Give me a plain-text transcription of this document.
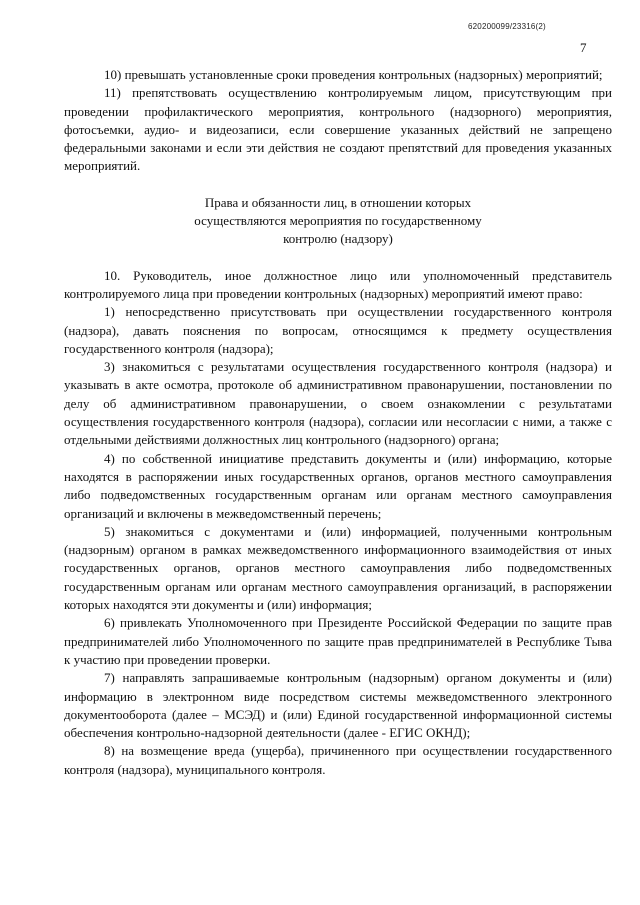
620200099/23316(2)
7

10) превышать установленные сроки проведения контрольных (надзорных) мероприятий;

11) препятствовать осуществлению контролируемым лицом, присутствующим при проведении профилактического мероприятия, контрольного (надзорного) мероприятия, фотосъемки, аудио- и видеозаписи, если совершение указанных действий не запрещено федеральными законами и если эти действия не создают препятствий для проведения указанных мероприятий.

Права и обязанности лиц, в отношении которых
осуществляются мероприятия по государственному
контролю (надзору)

10. Руководитель, иное должностное лицо или уполномоченный представитель контролируемого лица при проведении контрольных (надзорных) мероприятий имеют право:

1) непосредственно присутствовать при осуществлении государственного контроля (надзора), давать пояснения по вопросам, относящимся к предмету осуществления государственного контроля (надзора);

3) знакомиться с результатами осуществления государственного контроля (надзора) и указывать в акте осмотра, протоколе об административном правонарушении, постановлении по делу об административном правонарушении, о своем ознакомлении с результатами осуществления государственного контроля (надзора), согласии или несогласии с ними, а также с отдельными действиями должностных лиц контрольного (надзорного) органа;

4) по собственной инициативе представить документы и (или) информацию, которые находятся в распоряжении иных государственных органов, органов местного самоуправления либо подведомственных государственным органам или органам местного самоуправления организаций и включены в межведомственный перечень;

5) знакомиться с документами и (или) информацией, полученными контрольным (надзорным) органом в рамках межведомственного информационного взаимодействия от иных государственных органов, органов местного самоуправления либо подведомственных государственным органам или органам местного самоуправления организаций, в распоряжении которых находятся эти документы и (или) информация;

6) привлекать Уполномоченного при Президенте Российской Федерации по защите прав предпринимателей либо Уполномоченного по защите прав предпринимателей в Республике Тыва к участию при проведении проверки.

7) направлять запрашиваемые контрольным (надзорным) органом документы и (или) информацию в электронном виде посредством системы межведомственного электронного документооборота (далее – МСЭД) и (или) Единой государственной информационной системы обеспечения контрольно-надзорной деятельности (далее - ЕГИС ОКНД);

8) на возмещение вреда (ущерба), причиненного при осуществлении государственного контроля (надзора), муниципального контроля.
